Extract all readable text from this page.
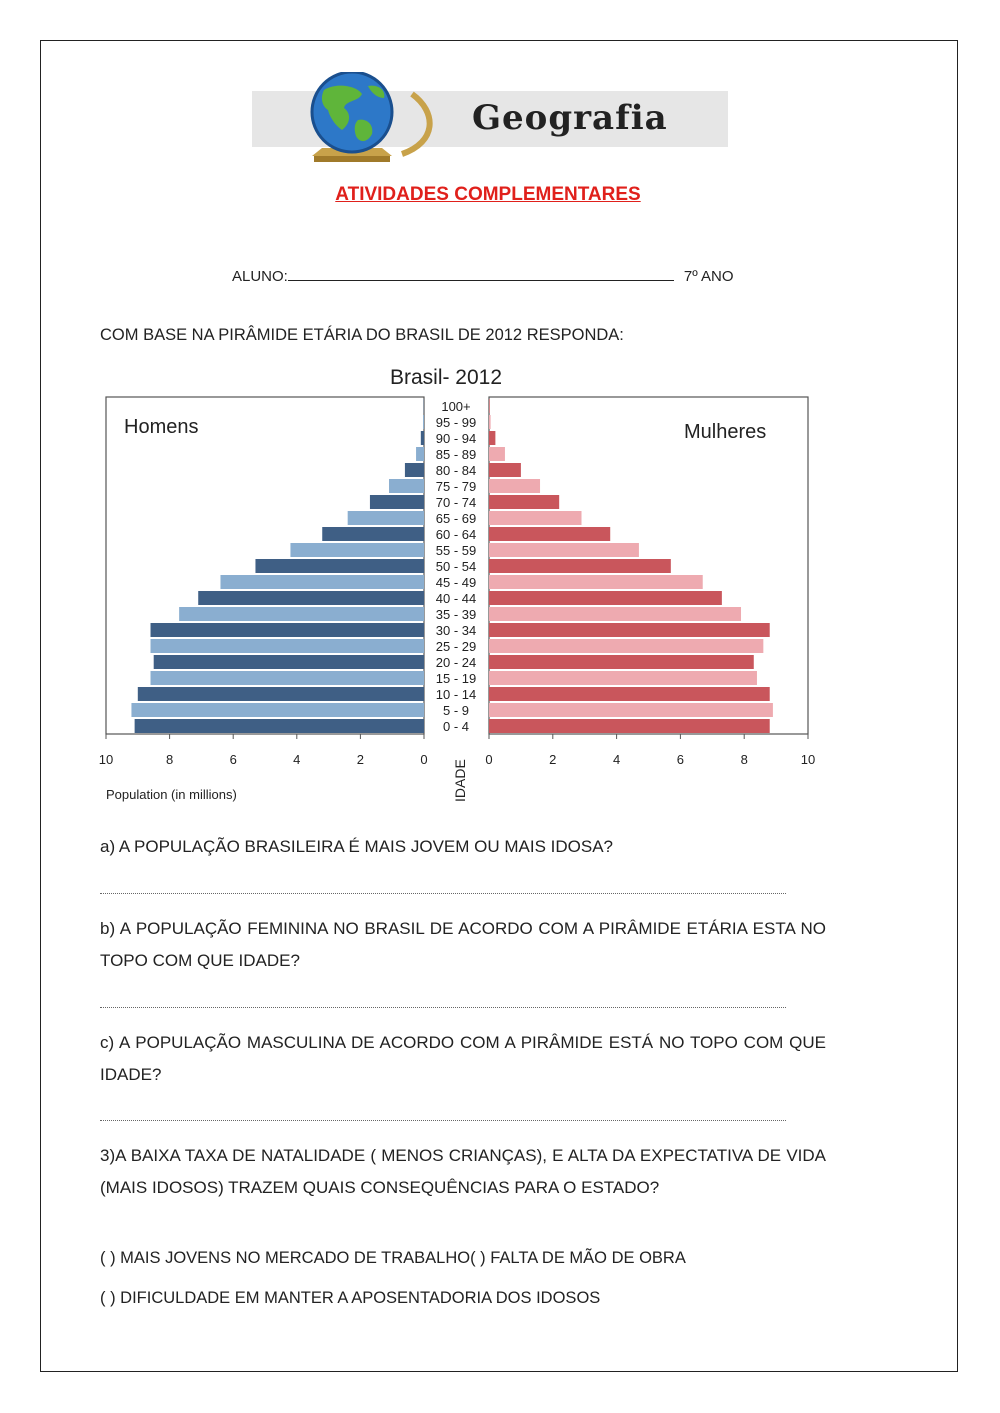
Geografia
ATIVIDADES COMPLEMENTARES
ALUNO:	7º ANO
COM BASE NA PIRÂMIDE ETÁRIA DO BRASIL DE 2012 RESPONDA:
Brasil- 2012
Homens	Mulheres
0 - 4
5 - 9
10 - 14
15 - 19
20 - 24
25 - 29
30 - 34
35 - 39
40 - 44
45 - 49
50 - 54
55 - 59
60 - 64
65 - 69
70 - 74
75 - 79
80 - 84
85 - 89
90 - 94
95 - 99
100+
10	8	6	4	2	0	0	2	4	6	8	10
IDADE
Population (in millions)
a) A POPULAÇÃO BRASILEIRA É MAIS JOVEM OU MAIS IDOSA?
b) A POPULAÇÃO FEMININA NO BRASIL DE ACORDO COM A PIRÂMIDE ETÁRIA ESTA NO TOPO COM QUE IDADE?
c) A POPULAÇÃO MASCULINA DE ACORDO COM A PIRÂMIDE ESTÁ NO TOPO COM QUE IDADE?
3)A BAIXA TAXA DE NATALIDADE ( MENOS CRIANÇAS), E ALTA DA EXPECTATIVA DE VIDA (MAIS IDOSOS) TRAZEM QUAIS CONSEQUÊNCIAS PARA O ESTADO?
( ) MAIS JOVENS NO MERCADO DE TRABALHO( ) FALTA DE MÃO DE OBRA
( ) DIFICULDADE EM MANTER A APOSENTADORIA DOS IDOSOS
